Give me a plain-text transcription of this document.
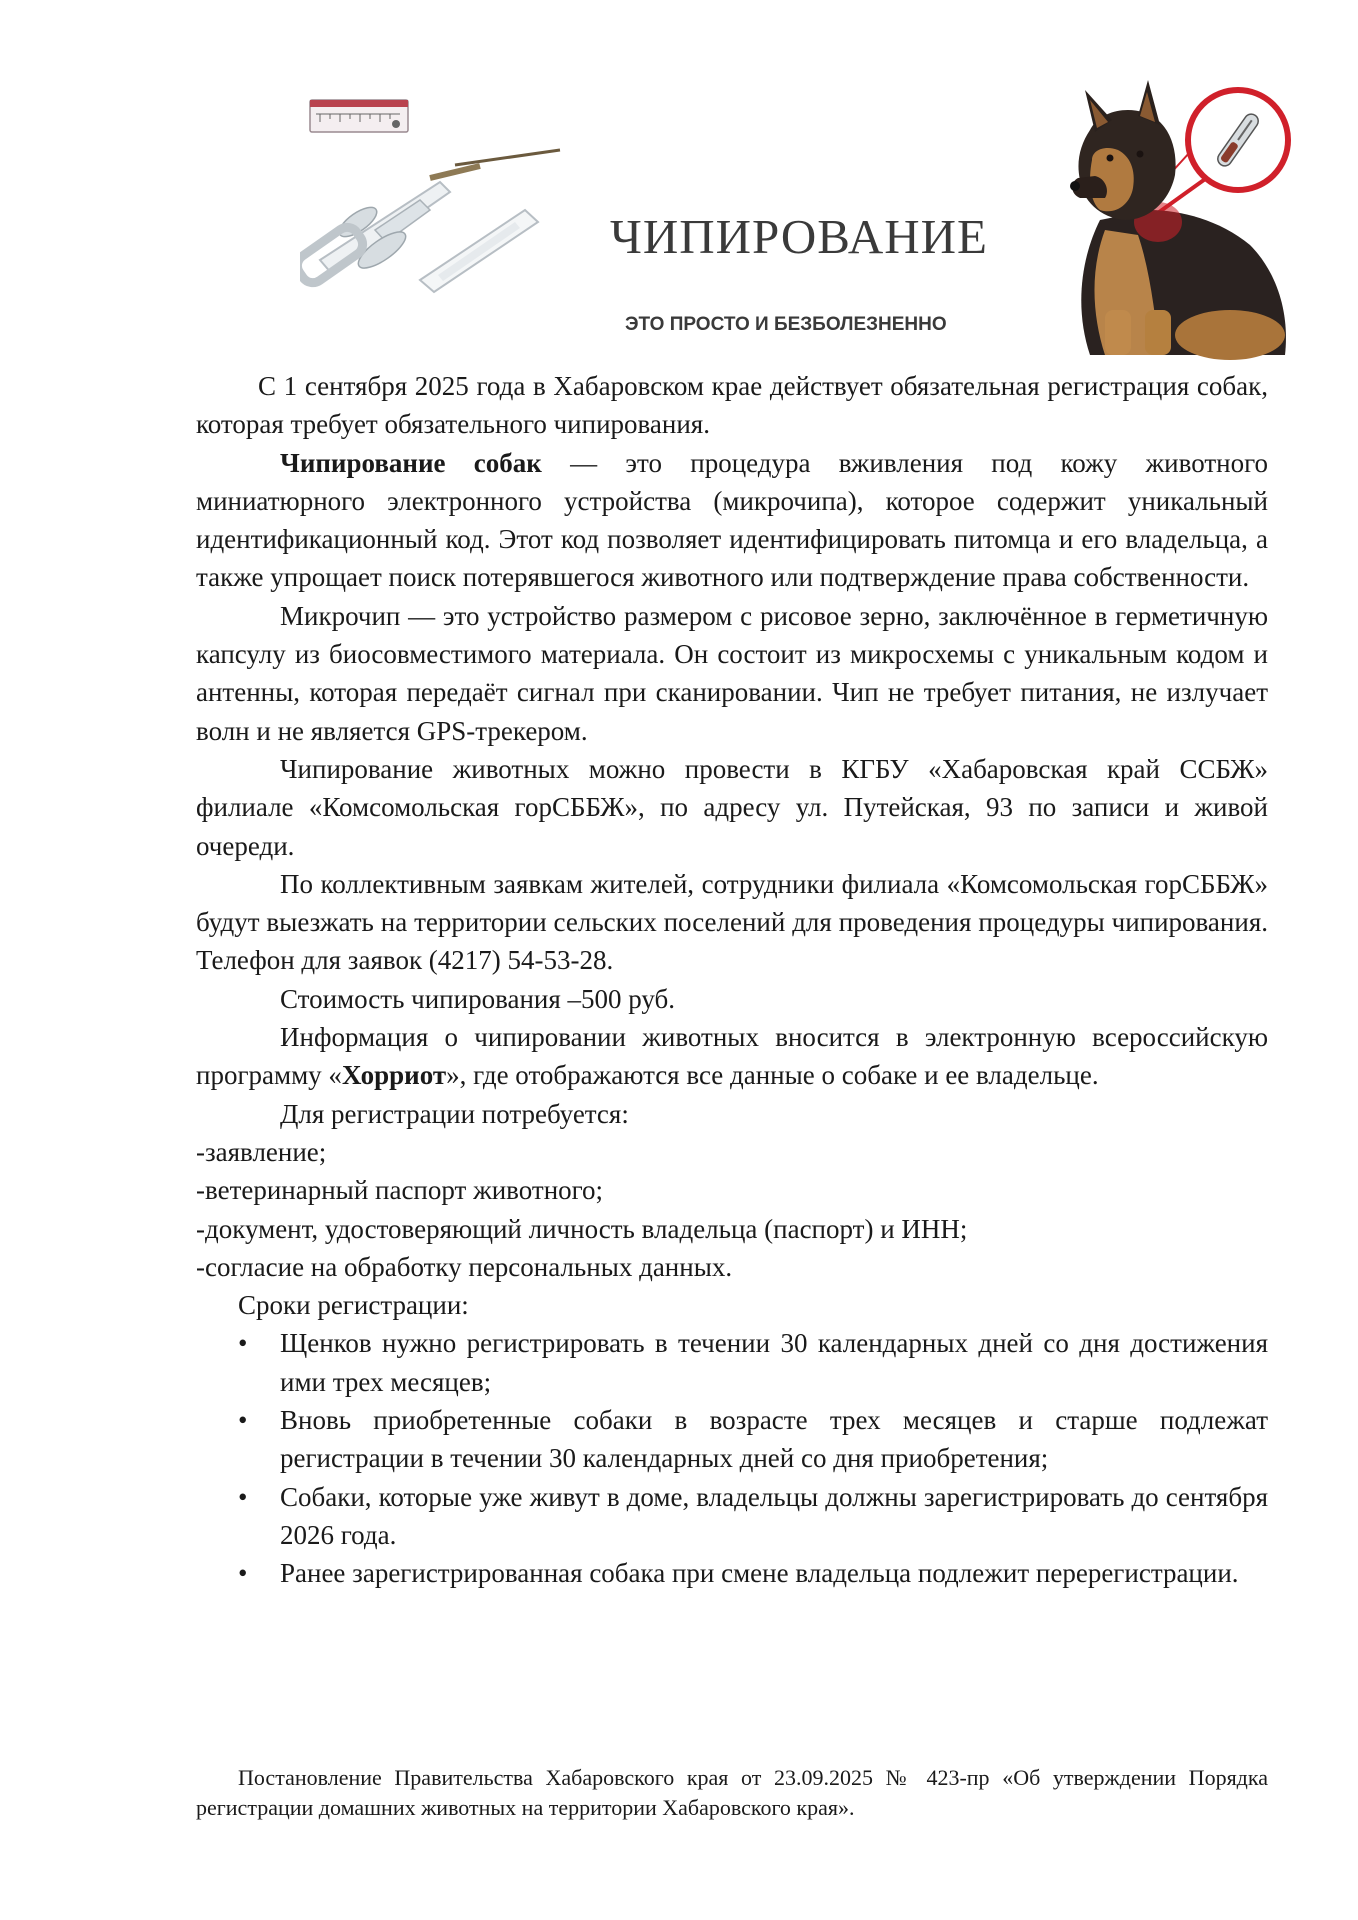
ЧИПИРОВАНИЕ
ЭТО ПРОСТО И БЕЗБОЛЕЗНЕННО

С 1 сентября 2025 года в Хабаровском крае действует обязательная регистрация собак, которая требует обязательного чипирования.

Чипирование собак — это процедура вживления под кожу животного миниатюрного электронного устройства (микрочипа), которое содержит уникальный идентификационный код. Этот код позволяет идентифицировать питомца и его владельца, а также упрощает поиск потерявшегося животного или подтверждение права собственности.

Микрочип — это устройство размером с рисовое зерно, заключённое в герметичную капсулу из биосовместимого материала. Он состоит из микросхемы с уникальным кодом и антенны, которая передаёт сигнал при сканировании. Чип не требует питания, не излучает волн и не является GPS-трекером.

Чипирование животных можно провести в КГБУ «Хабаровская край ССБЖ» филиале «Комсомольская горСББЖ», по адресу ул. Путейская, 93 по записи и живой очереди.

По коллективным заявкам жителей, сотрудники филиала «Комсомольская горСББЖ» будут выезжать на территории сельских поселений для проведения процедуры чипирования. Телефон для заявок (4217) 54-53-28.

Стоимость чипирования –500 руб.

Информация о чипировании животных вносится в электронную всероссийскую программу «Хорриот», где отображаются все данные о собаке и ее владельце.

Для регистрации потребуется:

-заявление;

-ветеринарный паспорт животного;

-документ, удостоверяющий личность владельца (паспорт) и ИНН;

-согласие на обработку персональных данных.

Сроки регистрации:

• Щенков нужно регистрировать в течении 30 календарных дней со дня достижения ими трех месяцев;
• Вновь приобретенные собаки в возрасте трех месяцев и старше подлежат регистрации в течении 30 календарных дней со дня приобретения;
• Собаки, которые уже живут в доме, владельцы должны зарегистрировать до сентября 2026 года.
• Ранее зарегистрированная собака при смене владельца подлежит перерегистрации.

Постановление Правительства Хабаровского края от 23.09.2025 № 423-пр «Об утверждении Порядка регистрации домашних животных на территории Хабаровского края».
